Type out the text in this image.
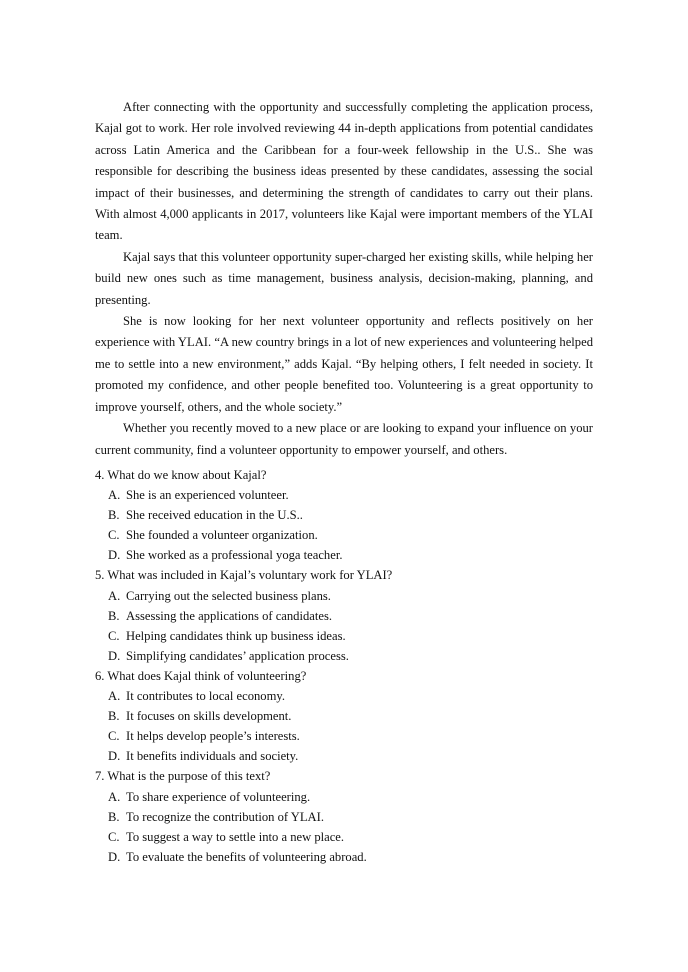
After connecting with the opportunity and successfully completing the application process, Kajal got to work. Her role involved reviewing 44 in-depth applications from potential candidates across Latin America and the Caribbean for a four-week fellowship in the U.S.. She was responsible for describing the business ideas presented by these candidates, assessing the social impact of their businesses, and determining the strength of candidates to carry out their plans. With almost 4,000 applicants in 2017, volunteers like Kajal were important members of the YLAI team.

Kajal says that this volunteer opportunity super-charged her existing skills, while helping her build new ones such as time management, business analysis, decision-making, planning, and presenting.

She is now looking for her next volunteer opportunity and reflects positively on her experience with YLAI. “A new country brings in a lot of new experiences and volunteering helped me to settle into a new environment,” adds Kajal. “By helping others, I felt needed in society. It promoted my confidence, and other people benefited too. Volunteering is a great opportunity to improve yourself, others, and the whole society.”

Whether you recently moved to a new place or are looking to expand your influence on your current community, find a volunteer opportunity to empower yourself, and others.

4. What do we know about Kajal?
A. She is an experienced volunteer.
B. She received education in the U.S..
C. She founded a volunteer organization.
D. She worked as a professional yoga teacher.
5. What was included in Kajal’s voluntary work for YLAI?
A. Carrying out the selected business plans.
B. Assessing the applications of candidates.
C. Helping candidates think up business ideas.
D. Simplifying candidates’ application process.
6. What does Kajal think of volunteering?
A. It contributes to local economy.
B. It focuses on skills development.
C. It helps develop people’s interests.
D. It benefits individuals and society.
7. What is the purpose of this text?
A. To share experience of volunteering.
B. To recognize the contribution of YLAI.
C. To suggest a way to settle into a new place.
D. To evaluate the benefits of volunteering abroad.
